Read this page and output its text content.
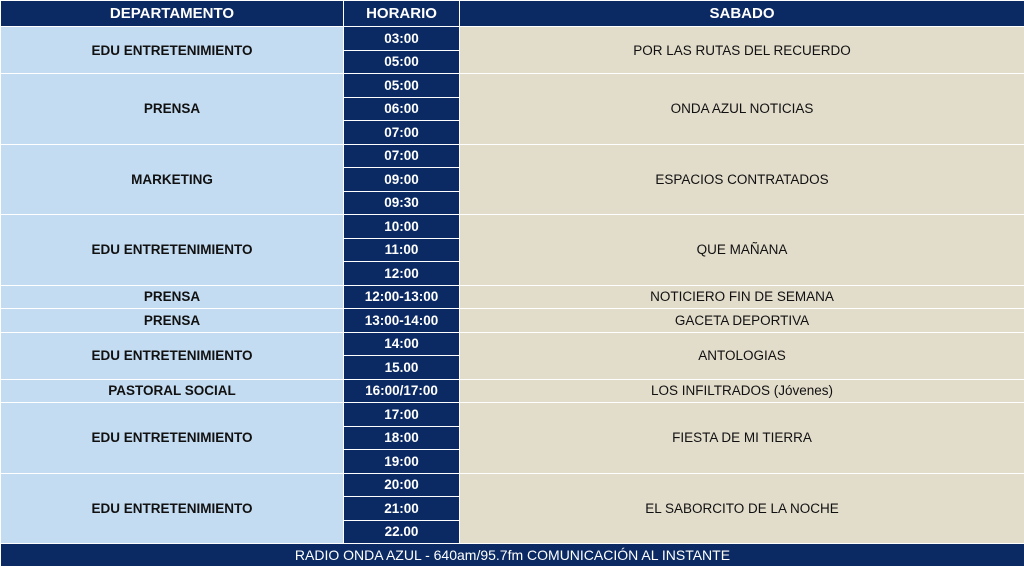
DEPARTAMENTO	HORARIO	SABADO
EDU ENTRETENIMIENTO	03:00	POR LAS RUTAS DEL RECUERDO
	05:00	
PRENSA	05:00	ONDA AZUL NOTICIAS
	06:00	
	07:00	
MARKETING	07:00	ESPACIOS CONTRATADOS
	09:00	
	09:30	
EDU ENTRETENIMIENTO	10:00	QUE MAÑANA
	11:00	
	12:00	
PRENSA	12:00-13:00	NOTICIERO FIN DE SEMANA
PRENSA	13:00-14:00	GACETA DEPORTIVA
EDU ENTRETENIMIENTO	14:00	ANTOLOGIAS
	15.00	
PASTORAL SOCIAL	16:00/17:00	LOS INFILTRADOS (Jóvenes)
EDU ENTRETENIMIENTO	17:00	FIESTA DE MI TIERRA
	18:00	
	19:00	
EDU ENTRETENIMIENTO	20:00	EL SABORCITO DE LA NOCHE
	21:00	
	22.00	
RADIO ONDA AZUL - 640am/95.7fm COMUNICACIÓN AL INSTANTE		
